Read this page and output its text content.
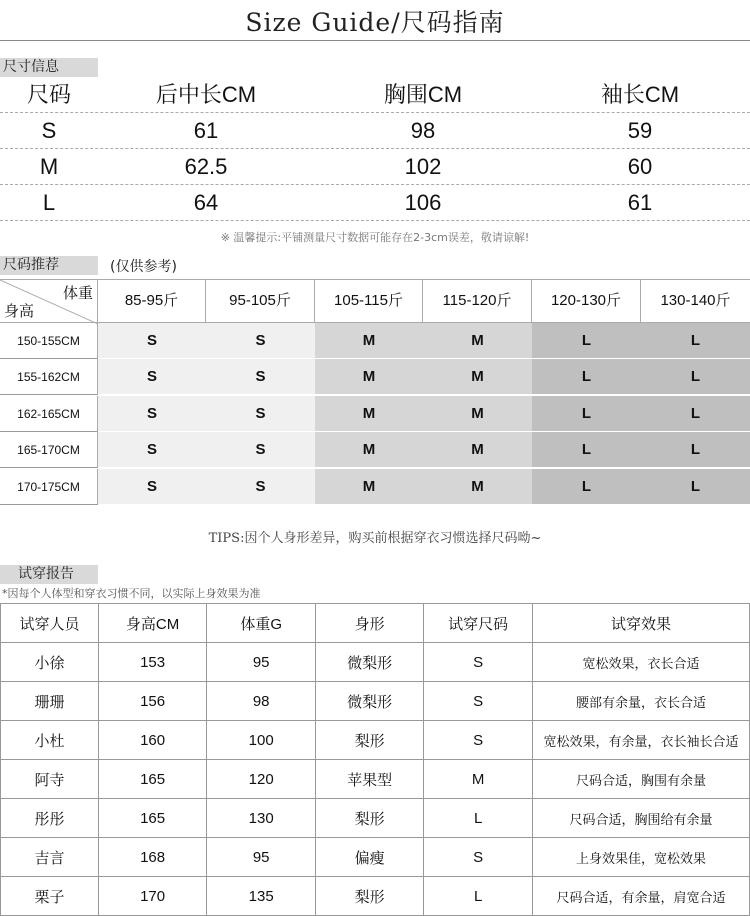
Size Guide/尺码指南
尺寸信息
尺码	后中长CM	胸围CM	袖长CM
S	61	98	59
M	62.5	102	60
L	64	106	61
※ 温馨提示:平铺测量尺寸数据可能存在2-3cm误差，敬请谅解!
尺码推荐	(仅供参考)
体重
身高
85-95斤	95-105斤	105-115斤	115-120斤	120-130斤	130-140斤
150-155CM	S	S	M	M	L	L
155-162CM	S	S	M	M	L	L
162-165CM	S	S	M	M	L	L
165-170CM	S	S	M	M	L	L
170-175CM	S	S	M	M	L	L
TIPS:因个人身形差异，购买前根据穿衣习惯选择尺码呦~
试穿报告
*因每个人体型和穿衣习惯不同，以实际上身效果为准
试穿人员	身高CM	体重G	身形	试穿尺码	试穿效果
小徐	153	95	微梨形	S	宽松效果，衣长合适
珊珊	156	98	微梨形	S	腰部有余量，衣长合适
小杜	160	100	梨形	S	宽松效果，有余量，衣长袖长合适
阿寺	165	120	苹果型	M	尺码合适，胸围有余量
彤彤	165	130	梨形	L	尺码合适，胸围给有余量
吉言	168	95	偏瘦	S	上身效果佳，宽松效果
栗子	170	135	梨形	L	尺码合适，有余量，肩宽合适
